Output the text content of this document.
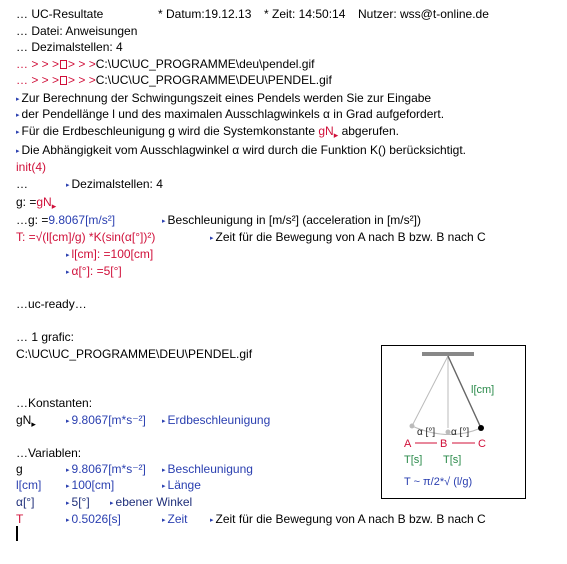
… UC-Resultate	* Datum:19.12.13 * Zeit: 14:50:14 Nutzer: wss@t-online.de
… Datei: Anweisungen
… Dezimalstellen: 4
… > > > > > >C:\UC\UC_PROGRAMME\deu\pendel.gif
… > > > > > >C:\UC\UC_PROGRAMME\DEU\PENDEL.gif
▸ Zur Berechnung der Schwingungszeit eines Pendels werden Sie zur Eingabe
▸ der Pendellänge l und des maximalen Ausschlagwinkels α in Grad aufgefordert.
▸ Für die Erdbeschleunigung g wird die Systemkonstante $gN_▸$ abgerufen.
▸ Die Abhängigkeit vom Ausschlagwinkel α wird durch die Funktion K() berücksichtigt.
init(4)
…	▸ Dezimalstellen: 4
g: $=gN_▸$
…g: =9.8067[m/s²]	▸ Beschleunigung in [m/s²] (acceleration in [m/s²])
T: =√(l[cm]/g) *K(sin(α[°])²)	▸ Zeit für die Bewegung von A nach B bzw. B nach C
▸ l[cm]: =100[cm]
▸ α[°]: =5[°]
…uc-ready…
… 1 grafic:
C:\UC\UC_PROGRAMME\DEU\PENDEL.gif
…Konstanten:
$gN_▸$	▸ 9.8067[m*s⁻²] ▸ Erdbeschleunigung
…Variablen:
g	▸ 9.8067[m*s⁻²] ▸ Beschleunigung
l[cm]	▸ 100[cm]	▸ Länge
α[°]	▸ 5[°]	▸ ebener Winkel
T	▸ 0.5026[s]	▸ Zeit	▸ Zeit für die Bewegung von A nach B bzw. B nach C
l[cm]
α [°] α [°]
A	B	C
T[s] T[s]
T ~ π/2*√ (l/g)
